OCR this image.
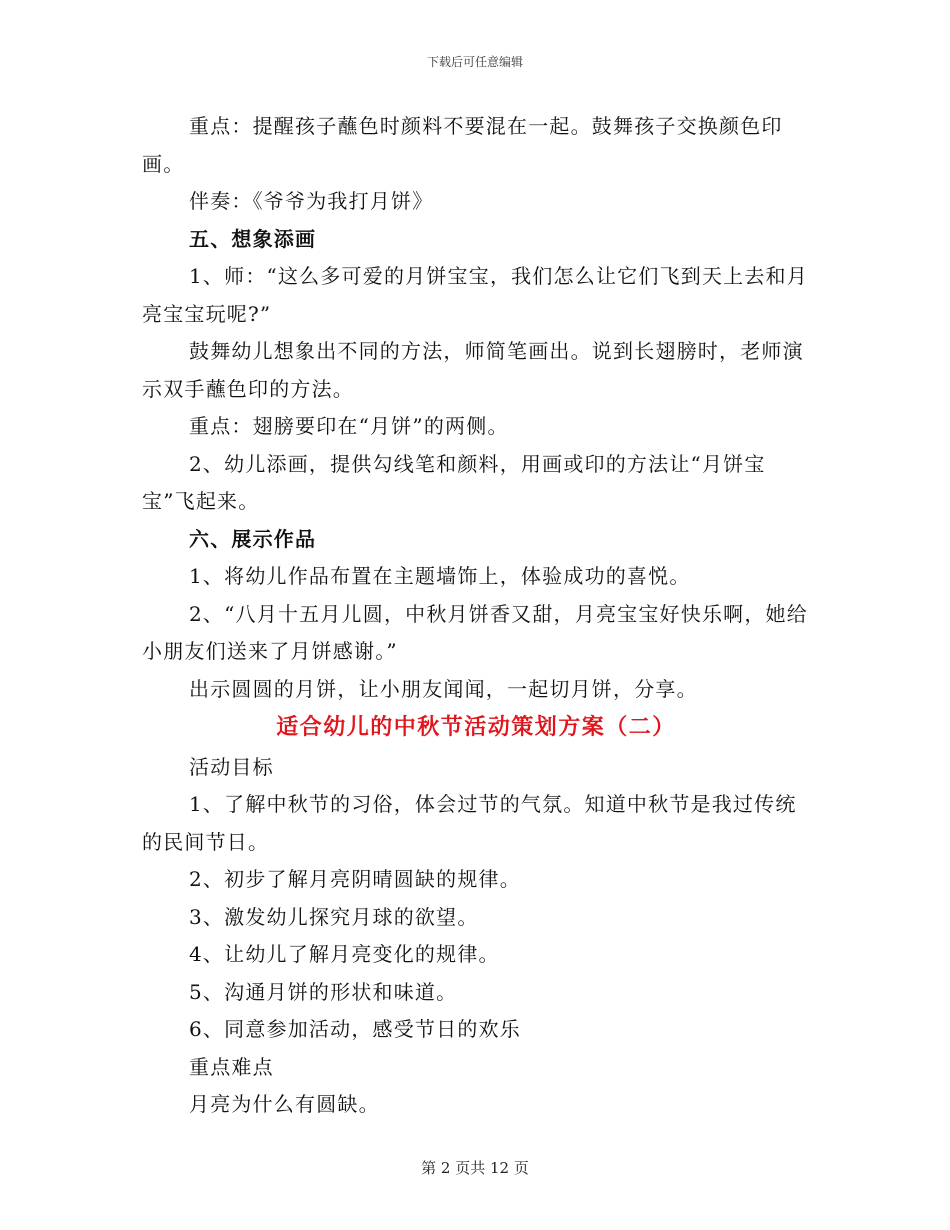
下载后可任意编辑

重点：提醒孩子蘸色时颜料不要混在一起。鼓舞孩子交换颜色印画。

伴奏：《爷爷为我打月饼》

五、想象添画

1、师：“这么多可爱的月饼宝宝，我们怎么让它们飞到天上去和月亮宝宝玩呢?”

鼓舞幼儿想象出不同的方法，师简笔画出。说到长翅膀时，老师演示双手蘸色印的方法。

重点：翅膀要印在“月饼”的两侧。

2、幼儿添画，提供勾线笔和颜料，用画或印的方法让“月饼宝宝”飞起来。

六、展示作品

1、将幼儿作品布置在主题墙饰上，体验成功的喜悦。

2、“八月十五月儿圆，中秋月饼香又甜，月亮宝宝好快乐啊，她给小朋友们送来了月饼感谢。”

出示圆圆的月饼，让小朋友闻闻，一起切月饼，分享。

适合幼儿的中秋节活动策划方案（二）

活动目标

1、了解中秋节的习俗，体会过节的气氛。知道中秋节是我过传统的民间节日。

2、初步了解月亮阴晴圆缺的规律。

3、激发幼儿探究月球的欲望。

4、让幼儿了解月亮变化的规律。

5、沟通月饼的形状和味道。

6、同意参加活动，感受节日的欢乐

重点难点

月亮为什么有圆缺。

第 2 页共 12 页
